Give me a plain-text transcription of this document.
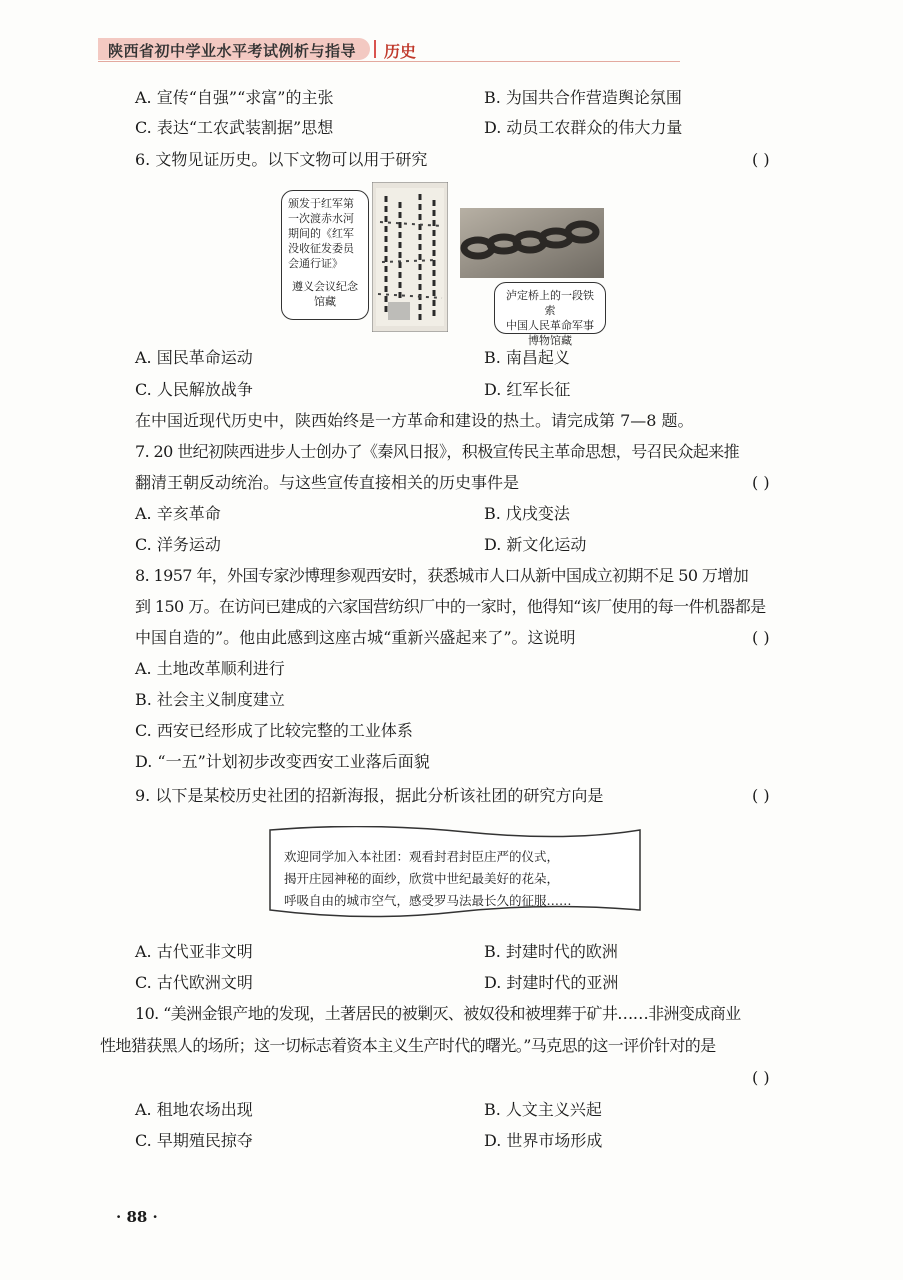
陕西省初中学业水平考试例析与指导 历史
A. 宣传“自强”“求富”的主张	B. 为国共合作营造舆论氛围
C. 表达“工农武装割据”思想	D. 动员工农群众的伟大力量
6. 文物见证历史。以下文物可以用于研究	( )
颁发于红军第一次渡赤水河期间的《红军没收征发委员会通行证》
遵义会议纪念馆藏	泸定桥上的一段铁索
中国人民革命军事博物馆藏
A. 国民革命运动	B. 南昌起义
C. 人民解放战争	D. 红军长征
在中国近现代历史中，陕西始终是一方革命和建设的热土。请完成第 7—8 题。
7. 20 世纪初陕西进步人士创办了《秦风日报》，积极宣传民主革命思想，号召民众起来推
翻清王朝反动统治。与这些宣传直接相关的历史事件是	( )
A. 辛亥革命	B. 戊戌变法
C. 洋务运动	D. 新文化运动
8. 1957 年，外国专家沙博理参观西安时，获悉城市人口从新中国成立初期不足 50 万增加
到 150 万。在访问已建成的六家国营纺织厂中的一家时，他得知“该厂使用的每一件机器都是
中国自造的”。他由此感到这座古城“重新兴盛起来了”。这说明	( )
A. 土地改革顺利进行
B. 社会主义制度建立
C. 西安已经形成了比较完整的工业体系
D. “一五”计划初步改变西安工业落后面貌
9. 以下是某校历史社团的招新海报，据此分析该社团的研究方向是	( )
欢迎同学加入本社团：观看封君封臣庄严的仪式，
揭开庄园神秘的面纱，欣赏中世纪最美好的花朵，
呼吸自由的城市空气，感受罗马法最长久的征服……
A. 古代亚非文明	B. 封建时代的欧洲
C. 古代欧洲文明	D. 封建时代的亚洲
10. “美洲金银产地的发现，土著居民的被剿灭、被奴役和被埋葬于矿井……非洲变成商业
性地猎获黑人的场所；这一切标志着资本主义生产时代的曙光。”马克思的这一评价针对的是
( )
A. 租地农场出现	B. 人文主义兴起
C. 早期殖民掠夺	D. 世界市场形成
· 88 ·
